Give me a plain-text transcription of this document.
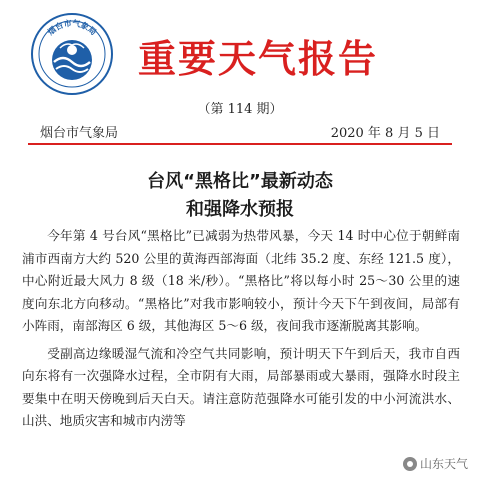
烟台市气象局
重要天气报告
（第 114 期）
烟台市气象局	2020 年 8 月 5 日
台风“黑格比”最新动态
和强降水预报

今年第 4 号台风“黑格比”已减弱为热带风暴，今天 14 时中心位于朝鲜南浦市西南方大约 520 公里的黄海西部海面（北纬 35.2 度、东经 121.5 度），中心附近最大风力 8 级（18 米/秒）。“黑格比”将以每小时 25～30 公里的速度向东北方向移动。“黑格比”对我市影响较小，预计今天下午到夜间，局部有小阵雨，南部海区 6 级，其他海区 5～6 级，夜间我市逐渐脱离其影响。

受副高边缘暖湿气流和冷空气共同影响，预计明天下午到后天，我市自西向东将有一次强降水过程，全市阴有大雨，局部暴雨或大暴雨，强降水时段主要集中在明天傍晚到后天白天。请注意防范强降水可能引发的中小河流洪水、山洪、地质灾害和城市内涝等

山东天气
